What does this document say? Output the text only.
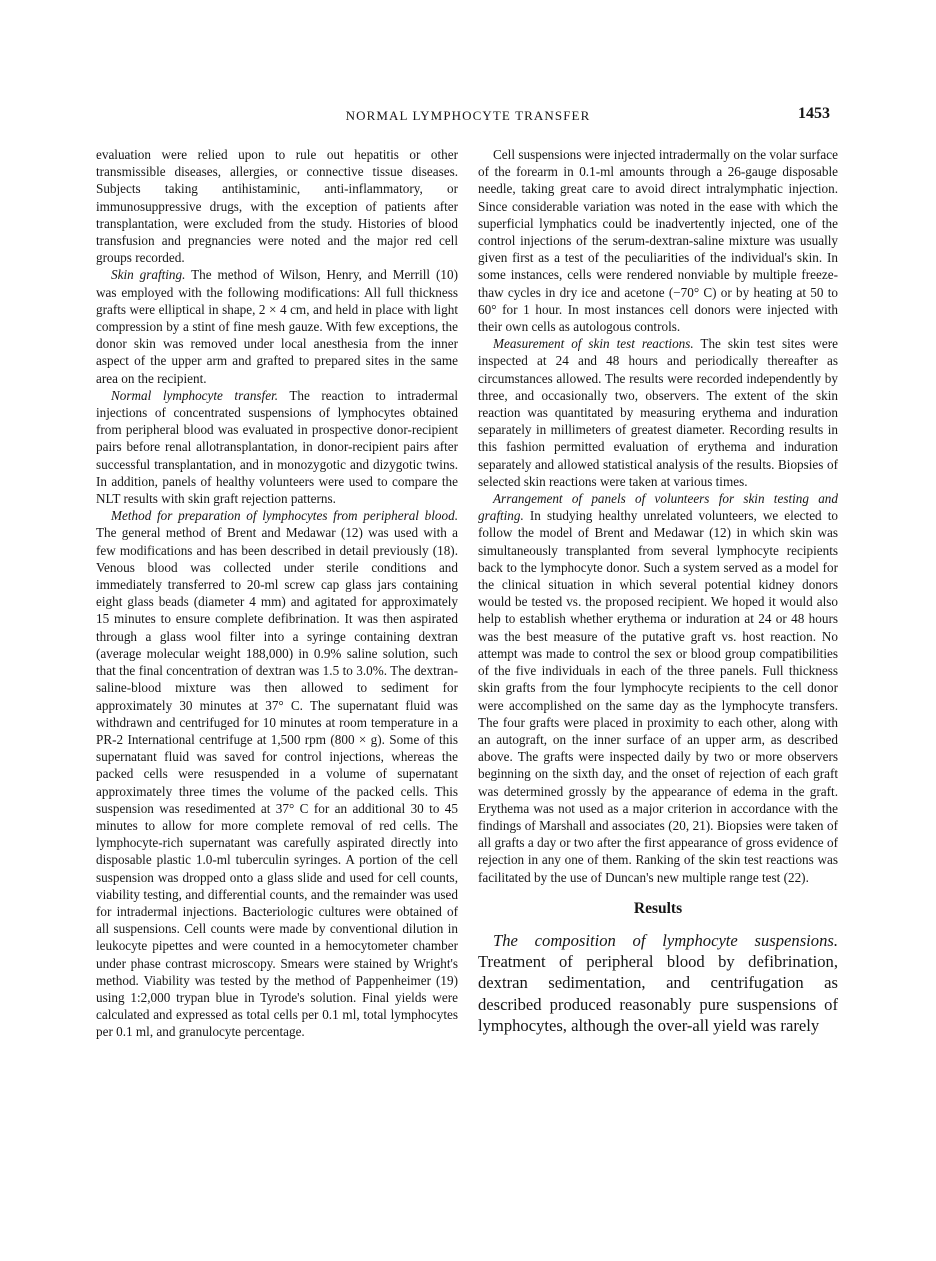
NORMAL LYMPHOCYTE TRANSFER	1453

evaluation were relied upon to rule out hepatitis or other transmissible diseases, allergies, or connective tissue diseases. Subjects taking antihistaminic, anti-inflammatory, or immunosuppressive drugs, with the exception of patients after transplantation, were excluded from the study. Histories of blood transfusion and pregnancies were noted and the major red cell groups recorded.

Skin grafting. The method of Wilson, Henry, and Merrill (10) was employed with the following modifications: All full thickness grafts were elliptical in shape, 2 × 4 cm, and held in place with light compression by a stint of fine mesh gauze. With few exceptions, the donor skin was removed under local anesthesia from the inner aspect of the upper arm and grafted to prepared sites in the same area on the recipient.

Normal lymphocyte transfer. The reaction to intradermal injections of concentrated suspensions of lymphocytes obtained from peripheral blood was evaluated in prospective donor-recipient pairs before renal allotransplantation, in donor-recipient pairs after successful transplantation, and in monozygotic and dizygotic twins. In addition, panels of healthy volunteers were used to compare the NLT results with skin graft rejection patterns.

Method for preparation of lymphocytes from peripheral blood. The general method of Brent and Medawar (12) was used with a few modifications and has been described in detail previously (18). Venous blood was collected under sterile conditions and immediately transferred to 20-ml screw cap glass jars containing eight glass beads (diameter 4 mm) and agitated for approximately 15 minutes to ensure complete defibrination. It was then aspirated through a glass wool filter into a syringe containing dextran (average molecular weight 188,000) in 0.9% saline solution, such that the final concentration of dextran was 1.5 to 3.0%. The dextran-saline-blood mixture was then allowed to sediment for approximately 30 minutes at 37° C. The supernatant fluid was withdrawn and centrifuged for 10 minutes at room temperature in a PR-2 International centrifuge at 1,500 rpm (800 × g). Some of this supernatant fluid was saved for control injections, whereas the packed cells were resuspended in a volume of supernatant approximately three times the volume of the packed cells. This suspension was resedimented at 37° C for an additional 30 to 45 minutes to allow for more complete removal of red cells. The lymphocyte-rich supernatant was carefully aspirated directly into disposable plastic 1.0-ml tuberculin syringes. A portion of the cell suspension was dropped onto a glass slide and used for cell counts, viability testing, and differential counts, and the remainder was used for intradermal injections. Bacteriologic cultures were obtained of all suspensions. Cell counts were made by conventional dilution in leukocyte pipettes and were counted in a hemocytometer chamber under phase contrast microscopy. Smears were stained by Wright's method. Viability was tested by the method of Pappenheimer (19) using 1:2,000 trypan blue in Tyrode's solution. Final yields were calculated and expressed as total cells per 0.1 ml, total lymphocytes per 0.1 ml, and granulocyte percentage.

Cell suspensions were injected intradermally on the volar surface of the forearm in 0.1-ml amounts through a 26-gauge disposable needle, taking great care to avoid direct intralymphatic injection. Since considerable variation was noted in the ease with which the superficial lymphatics could be inadvertently injected, one of the control injections of the serum-dextran-saline mixture was usually given first as a test of the peculiarities of the individual's skin. In some instances, cells were rendered nonviable by multiple freeze-thaw cycles in dry ice and acetone (−70° C) or by heating at 50 to 60° for 1 hour. In most instances cell donors were injected with their own cells as autologous controls.

Measurement of skin test reactions. The skin test sites were inspected at 24 and 48 hours and periodically thereafter as circumstances allowed. The results were recorded independently by three, and occasionally two, observers. The extent of the skin reaction was quantitated by measuring erythema and induration separately in millimeters of greatest diameter. Recording results in this fashion permitted evaluation of erythema and induration separately and allowed statistical analysis of the results. Biopsies of selected skin reactions were taken at various times.

Arrangement of panels of volunteers for skin testing and grafting. In studying healthy unrelated volunteers, we elected to follow the model of Brent and Medawar (12) in which skin was simultaneously transplanted from several lymphocyte recipients back to the lymphocyte donor. Such a system served as a model for the clinical situation in which several potential kidney donors would be tested vs. the proposed recipient. We hoped it would also help to establish whether erythema or induration at 24 or 48 hours was the best measure of the putative graft vs. host reaction. No attempt was made to control the sex or blood group compatibilities of the five individuals in each of the three panels. Full thickness skin grafts from the four lymphocyte recipients to the cell donor were accomplished on the same day as the lymphocyte transfers. The four grafts were placed in proximity to each other, along with an autograft, on the inner surface of an upper arm, as described above. The grafts were inspected daily by two or more observers beginning on the sixth day, and the onset of rejection of each graft was determined grossly by the appearance of edema in the graft. Erythema was not used as a major criterion in accordance with the findings of Marshall and associates (20, 21). Biopsies were taken of all grafts a day or two after the first appearance of gross evidence of rejection in any one of them. Ranking of the skin test reactions was facilitated by the use of Duncan's new multiple range test (22).

Results

The composition of lymphocyte suspensions. Treatment of peripheral blood by defibrination, dextran sedimentation, and centrifugation as described produced reasonably pure suspensions of lymphocytes, although the over-all yield was rarely
